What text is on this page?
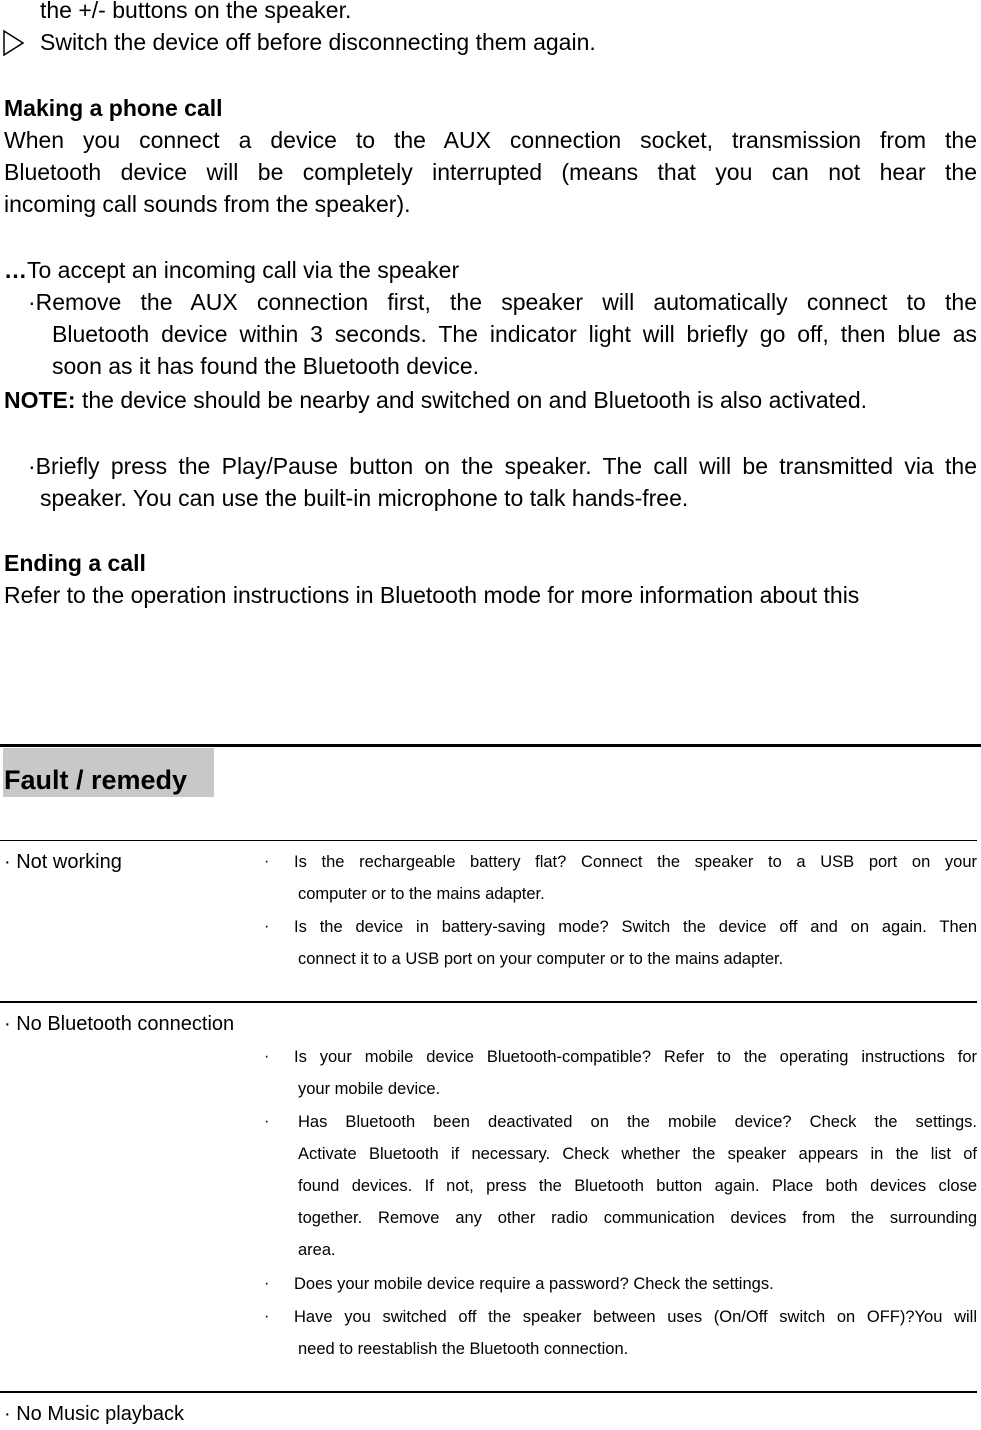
the +/- buttons on the speaker.
Switch the device off before disconnecting them again.
Making a phone call
When you connect a device to the AUX connection socket, transmission from the
Bluetooth device will be completely interrupted (means that you can not hear the
incoming call sounds from the speaker).
…To accept an incoming call via the speaker
·Remove the AUX connection first, the speaker will automatically connect to the
Bluetooth device within 3 seconds. The indicator light will briefly go off, then blue as
soon as it has found the Bluetooth device.
NOTE: the device should be nearby and switched on and Bluetooth is also activated.
·Briefly press the Play/Pause button on the speaker. The call will be transmitted via the
speaker. You can use the built-in microphone to talk hands-free.
Ending a call
Refer to the operation instructions in Bluetooth mode for more information about this
Fault / remedy
· Not working	· Is the rechargeable battery flat? Connect the speaker to a USB port on your
computer or to the mains adapter.
· Is the device in battery-saving mode? Switch the device off and on again. Then
connect it to a USB port on your computer or to the mains adapter.
· No Bluetooth connection
· Is your mobile device Bluetooth-compatible? Refer to the operating instructions for
your mobile device.
· Has Bluetooth been deactivated on the mobile device? Check the settings.
Activate Bluetooth if necessary. Check whether the speaker appears in the list of
found devices. If not, press the Bluetooth button again. Place both devices close
together. Remove any other radio communication devices from the surrounding
area.
· Does your mobile device require a password? Check the settings.
· Have you switched off the speaker between uses (On/Off switch on OFF)?You will
need to reestablish the Bluetooth connection.
· No Music playback
